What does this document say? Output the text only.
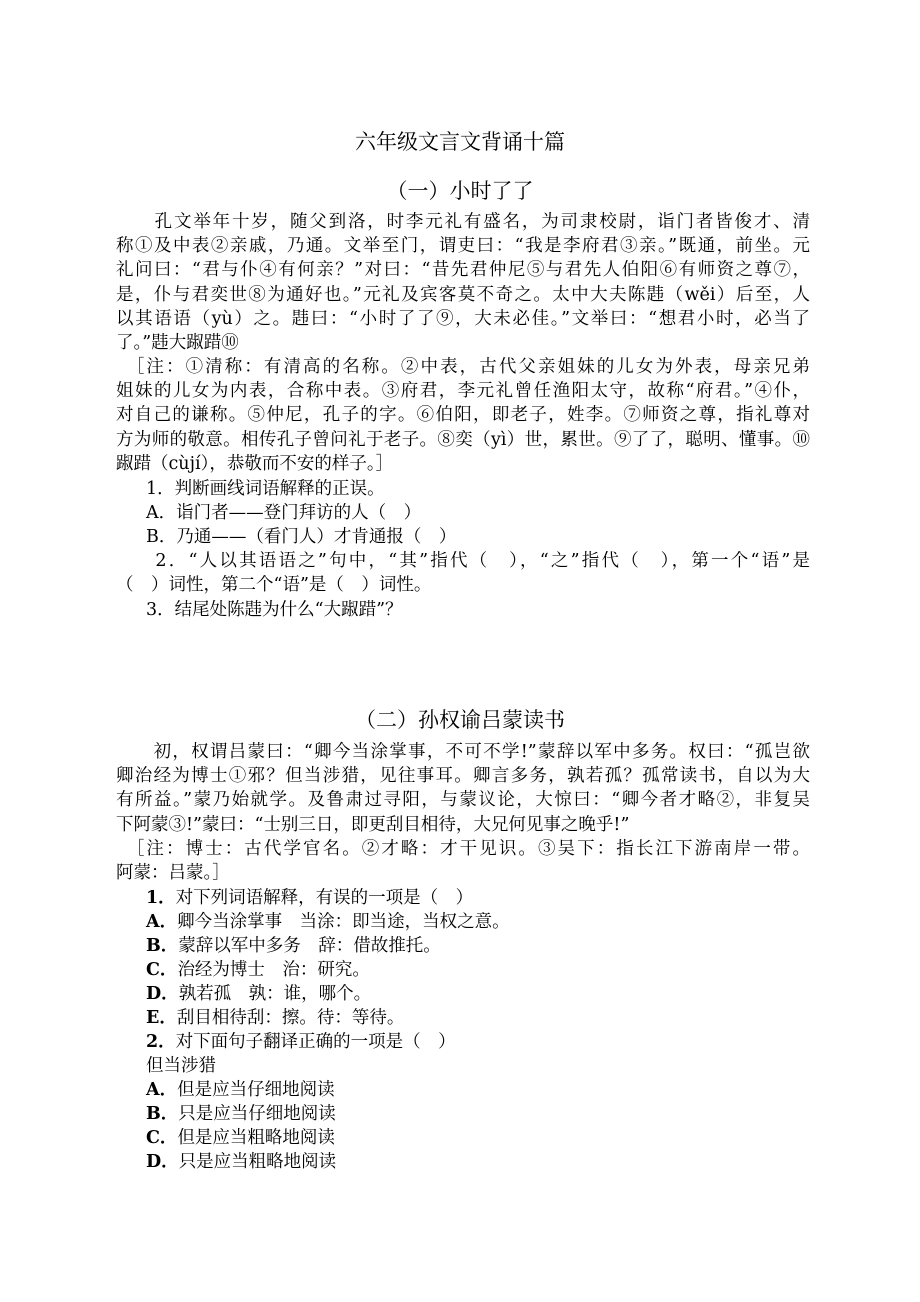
六年级文言文背诵十篇
（一）小时了了
　　孔文举年十岁，随父到洛，时李元礼有盛名，为司隶校尉，诣门者皆俊才、清
称①及中表②亲戚，乃通。文举至门，谓吏曰：“我是李府君③亲。”既通，前坐。元
礼问曰：“君与仆④有何亲？”对曰：“昔先君仲尼⑤与君先人伯阳⑥有师资之尊⑦，
是，仆与君奕世⑧为通好也。”元礼及宾客莫不奇之。太中大夫陈韪（wěi）后至，人
以其语语（yù）之。韪曰：“小时了了⑨，大未必佳。”文举曰：“想君小时，必当了
了。”韪大踧踖⑩
　［注：①清称：有清高的名称。②中表，古代父亲姐妹的儿女为外表，母亲兄弟
姐妹的儿女为内表，合称中表。③府君，李元礼曾任渔阳太守，故称“府君。”④仆，
对自己的谦称。⑤仲尼，孔子的字。⑥伯阳，即老子，姓李。⑦师资之尊，指礼尊对
方为师的敬意。相传孔子曾问礼于老子。⑧奕（yì）世，累世。⑨了了，聪明、懂事。⑩
踧踖（cùjí），恭敬而不安的样子。］
1．判断画线词语解释的正误。
A．诣门者——登门拜访的人（　）
B．乃通——（看门人）才肯通报（　）
　　2．“人以其语语之”句中，“其”指代（　），“之”指代（　），第一个“语”是
（　）词性，第二个“语”是（　）词性。
3．结尾处陈韪为什么“大踧踖”？
（二）孙权谕吕蒙读书
　　初，权谓吕蒙曰：“卿今当涂掌事，不可不学!”蒙辞以军中多务。权曰：“孤岂欲
卿治经为博士①邪？但当涉猎，见往事耳。卿言多务，孰若孤？孤常读书，自以为大
有所益。”蒙乃始就学。及鲁肃过寻阳，与蒙议论，大惊曰：“卿今者才略②，非复吴
下阿蒙③!”蒙曰：“士别三日，即更刮目相待，大兄何见事之晚乎!”
　［注：博士：古代学官名。②才略：才干见识。③吴下：指长江下游南岸一带。
阿蒙：吕蒙。］
1．对下列词语解释，有误的一项是（　）
A．卿今当涂掌事　当涂：即当途，当权之意。
B．蒙辞以军中多务　辞：借故推托。
C．治经为博士　治：研究。
D．孰若孤　孰：谁，哪个。
E．刮目相待刮：擦。待：等待。
2．对下面句子翻译正确的一项是（　）
但当涉猎
A．但是应当仔细地阅读
B．只是应当仔细地阅读
C．但是应当粗略地阅读
D．只是应当粗略地阅读
